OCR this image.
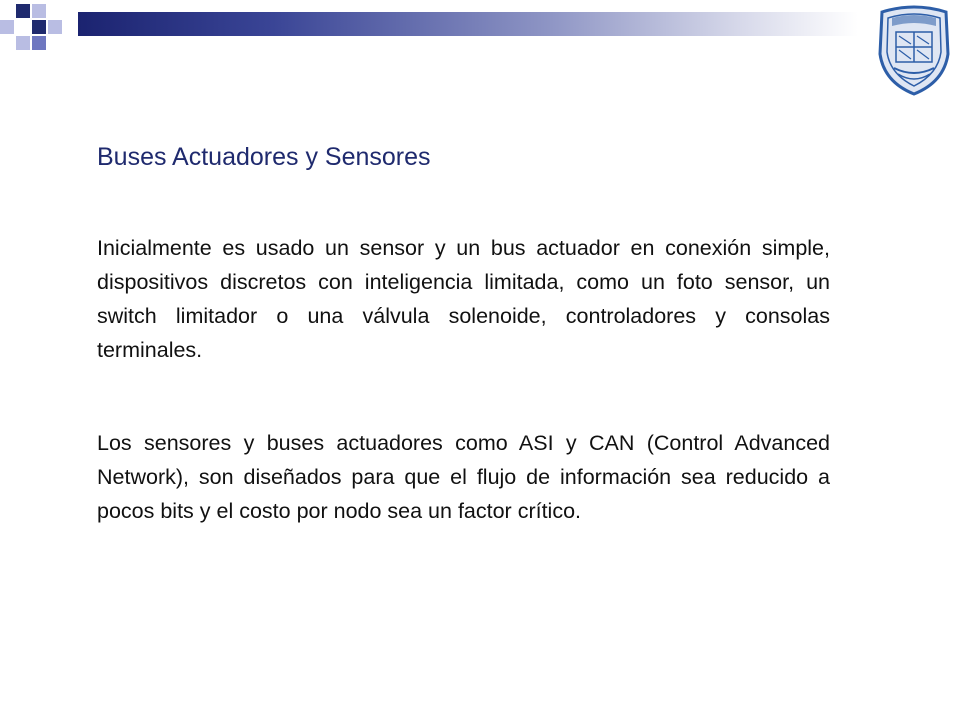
Buses Actuadores y Sensores

Inicialmente es usado un sensor y un bus actuador en conexión simple, dispositivos discretos con inteligencia limitada, como un foto sensor, un switch limitador o una válvula solenoide, controladores y consolas terminales.

Los sensores y buses actuadores como ASI y CAN (Control Advanced Network), son diseñados para que el flujo de información sea reducido a pocos bits y el costo por nodo sea un factor crítico.
